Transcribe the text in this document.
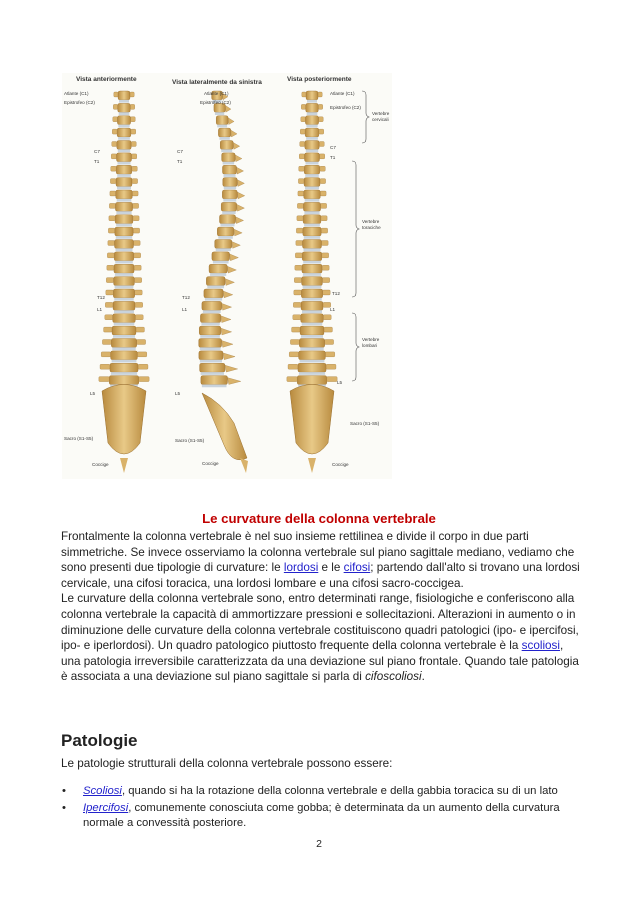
Vista anteriormente	Vista lateralmente da sinistra	Vista posteriormente
Atlante (C1)
Epistrofeo (C2)
C7
T1
T12
L1
L5
Sacro (S1-S5)
Coccige
Atlante (C1)
Epistrofeo (C2)
C7
T1
T12
L1
L5
Sacro (S1-S5)
Coccige
Atlante (C1)
Epistrofeo (C2)
C7
T1
T12
L1
L5
Sacro (S1-S5)
Coccige
Vertebre cervicali
Vertebre toraciche
Vertebre lombari
Le curvature della colonna vertebrale

Frontalmente la colonna vertebrale è nel suo insieme rettilinea e divide il corpo in due parti simmetriche. Se invece osserviamo la colonna vertebrale sul piano sagittale mediano, vediamo che sono presenti due tipologie di curvature: le lordosi e le cifosi; partendo dall'alto si trovano una lordosi cervicale, una cifosi toracica, una lordosi lombare e una cifosi sacro-coccigea.

Le curvature della colonna vertebrale sono, entro determinati range, fisiologiche e conferiscono alla colonna vertebrale la capacità di ammortizzare pressioni e sollecitazioni. Alterazioni in aumento o in diminuzione delle curvature della colonna vertebrale costituiscono quadri patologici (ipo- e ipercifosi, ipo- e iperlordosi). Un quadro patologico piuttosto frequente della colonna vertebrale è la scoliosi, una patologia irreversibile caratterizzata da una deviazione sul piano frontale. Quando tale patologia è associata a una deviazione sul piano sagittale si parla di cifoscoliosi.

Patologie
Le patologie strutturali della colonna vertebrale possono essere:
• Scoliosi, quando si ha la rotazione della colonna vertebrale e della gabbia toracica su di un lato
• Ipercifosi, comunemente conosciuta come gobba; è determinata da un aumento della curvatura normale a convessità posteriore.
2
